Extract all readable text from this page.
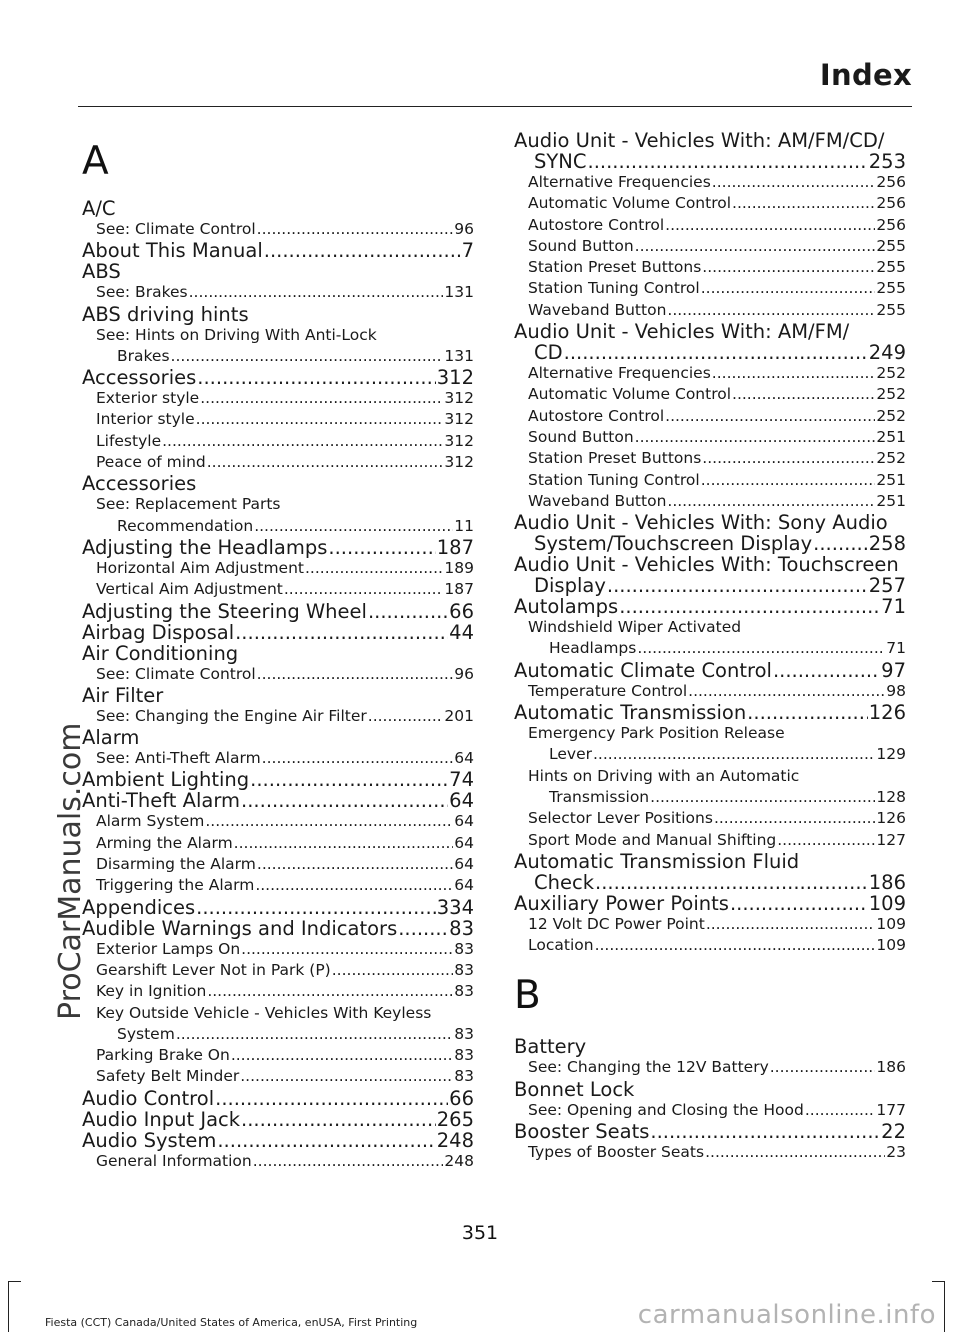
Index
ProCarManuals.com
A
A/C
See: Climate Control .....	96
About This Manual .....	7
ABS
See: Brakes .....	131
ABS driving hints
See: Hints on Driving With Anti-Lock
Brakes .....	131
Accessories .....	312
Exterior style .....	312
Interior style .....	312
Lifestyle .....	312
Peace of mind .....	312
Accessories
See: Replacement Parts
Recommendation .....	11
Adjusting the Headlamps .....	187
Horizontal Aim Adjustment .....	189
Vertical Aim Adjustment .....	187
Adjusting the Steering Wheel .....	66
Airbag Disposal .....	44
Air Conditioning
See: Climate Control .....	96
Air Filter
See: Changing the Engine Air Filter .....	201
Alarm
See: Anti-Theft Alarm .....	64
Ambient Lighting .....	74
Anti-Theft Alarm .....	64
Alarm System .....	64
Arming the Alarm .....	64
Disarming the Alarm .....	64
Triggering the Alarm .....	64
Appendices .....	334
Audible Warnings and Indicators .....	83
Exterior Lamps On .....	83
Gearshift Lever Not in Park (P) .....	83
Key in Ignition .....	83
Key Outside Vehicle - Vehicles With Keyless
System .....	83
Parking Brake On .....	83
Safety Belt Minder .....	83
Audio Control .....	66
Audio Input Jack .....	265
Audio System .....	248
General Information .....	248
Audio Unit - Vehicles With: AM/FM/CD/
SYNC .....	253
Alternative Frequencies .....	256
Automatic Volume Control .....	256
Autostore Control .....	256
Sound Button .....	255
Station Preset Buttons .....	255
Station Tuning Control .....	255
Waveband Button .....	255
Audio Unit - Vehicles With: AM/FM/
CD .....	249
Alternative Frequencies .....	252
Automatic Volume Control .....	252
Autostore Control .....	252
Sound Button .....	251
Station Preset Buttons .....	252
Station Tuning Control .....	251
Waveband Button .....	251
Audio Unit - Vehicles With: Sony Audio
System/Touchscreen Display .....	258
Audio Unit - Vehicles With: Touchscreen
Display .....	257
Autolamps .....	71
Windshield Wiper Activated
Headlamps .....	71
Automatic Climate Control .....	97
Temperature Control .....	98
Automatic Transmission .....	126
Emergency Park Position Release
Lever .....	129
Hints on Driving with an Automatic
Transmission .....	128
Selector Lever Positions .....	126
Sport Mode and Manual Shifting .....	127
Automatic Transmission Fluid
Check .....	186
Auxiliary Power Points .....	109
12 Volt DC Power Point .....	109
Location .....	109
B
Battery
See: Changing the 12V Battery .....	186
Bonnet Lock
See: Opening and Closing the Hood .....	177
Booster Seats .....	22
Types of Booster Seats .....	23

351

Fiesta (CCT) Canada/United States of America, enUSA, First Printing	carmanualsonline.info
